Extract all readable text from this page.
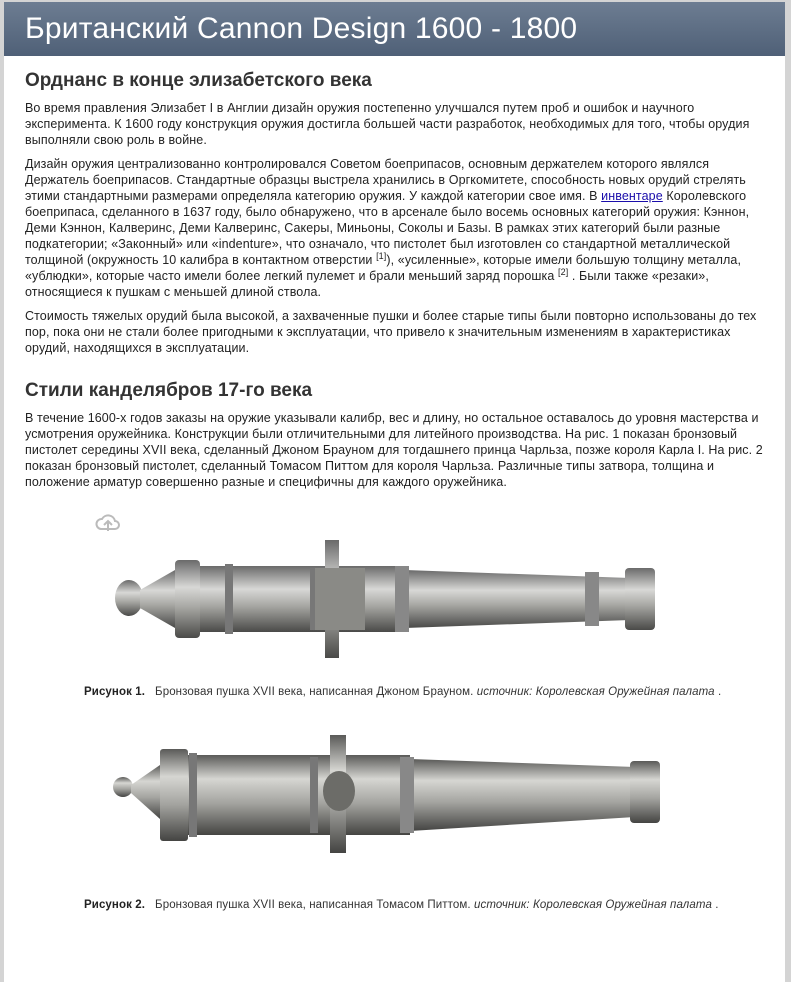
Британский Cannon Design 1600 - 1800
Орднанс в конце элизабетского века

Во время правления Элизабет I в Англии дизайн оружия постепенно улучшался путем проб и ошибок и научного эксперимента. К 1600 году конструкция оружия достигла большей части разработок, необходимых для того, чтобы орудия выполняли свою роль в войне.

Дизайн оружия централизованно контролировался Советом боеприпасов, основным держателем которого являлся Держатель боеприпасов. Стандартные образцы выстрела хранились в Оргкомитете, способность новых орудий стрелять этими стандартными размерами определяла категорию оружия. У каждой категории свое имя. В инвентаре Королевского боеприпаса, сделанного в 1637 году, было обнаружено, что в арсенале было восемь основных категорий оружия: Кэннон, Деми Кэннон, Калверинс, Деми Калверинс, Сакеры, Миньоны, Соколы и Базы. В рамках этих категорий были разные подкатегории; «Законный» или «indenture», что означало, что пистолет был изготовлен со стандартной металлической толщиной (окружность 10 калибра в контактном отверстии [1]), «усиленные», которые имели большую толщину металла, «ублюдки», которые часто имели более легкий пулемет и брали меньший заряд порошка [2] . Были также «резаки», относящиеся к пушкам с меньшей длиной ствола.

Стоимость тяжелых орудий была высокой, а захваченные пушки и более старые типы были повторно использованы до тех пор, пока они не стали более пригодными к эксплуатации, что привело к значительным изменениям в характеристиках орудий, находящихся в эксплуатации.

Стили канделябров 17-го века

В течение 1600-х годов заказы на оружие указывали калибр, вес и длину, но остальное оставалось до уровня мастерства и усмотрения оружейника. Конструкции были отличительными для литейного производства. На рис. 1 показан бронзовый пистолет середины XVII века, сделанный Джоном Брауном для тогдашнего принца Чарльза, позже короля Карла I. На рис. 2 показан бронзовый пистолет, сделанный Томасом Питтом для короля Чарльза. Различные типы затвора, толщина и положение арматур совершенно разные и специфичны для каждого оружейника.

Рисунок 1. Бронзовая пушка XVII века, написанная Джоном Брауном. источник: Королевская Оружейная палата .

Рисунок 2. Бронзовая пушка XVII века, написанная Томасом Питтом. источник: Королевская Оружейная палата .
